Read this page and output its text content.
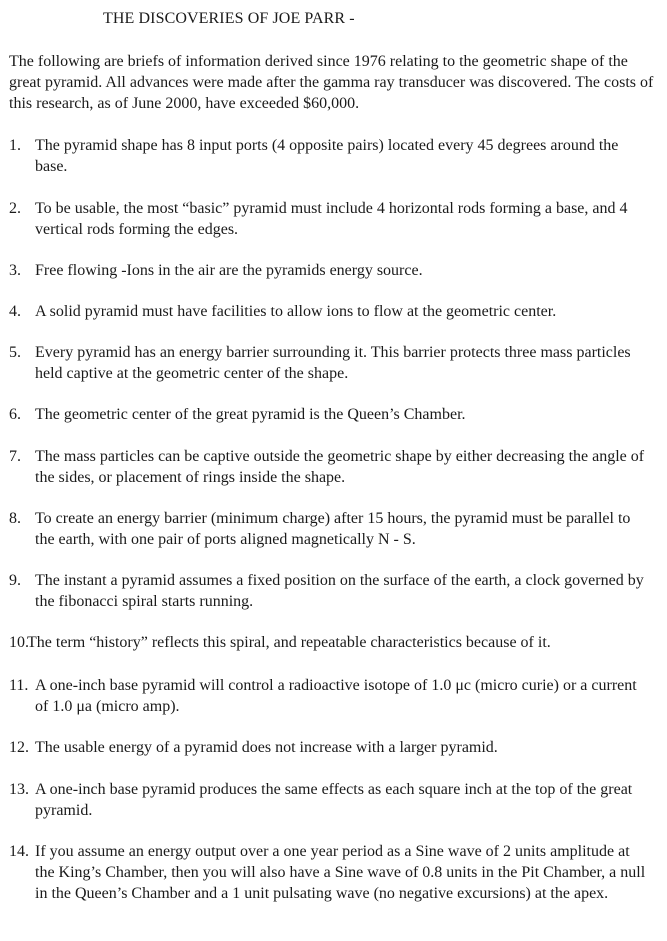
THE DISCOVERIES OF JOE PARR -
The following are briefs of information derived since 1976 relating to the geometric shape of the great pyramid. All advances were made after the gamma ray transducer was discovered. The costs of this research, as of June 2000, have exceeded $60,000.
1. The pyramid shape has 8 input ports (4 opposite pairs) located every 45 degrees around the base.
2. To be usable, the most “basic” pyramid must include 4 horizontal rods forming a base, and 4 vertical rods forming the edges.
3. Free flowing -Ions in the air are the pyramids energy source.
4. A solid pyramid must have facilities to allow ions to flow at the geometric center.
5. Every pyramid has an energy barrier surrounding it. This barrier protects three mass particles held captive at the geometric center of the shape.
6. The geometric center of the great pyramid is the Queen’s Chamber.
7. The mass particles can be captive outside the geometric shape by either decreasing the angle of the sides, or placement of rings inside the shape.
8. To create an energy barrier (minimum charge) after 15 hours, the pyramid must be parallel to the earth, with one pair of ports aligned magnetically N - S.
9. The instant a pyramid assumes a fixed position on the surface of the earth, a clock governed by the fibonacci spiral starts running.
10.
The term “history” reflects this spiral, and repeatable characteristics because of it.
11. A one-inch base pyramid will control a radioactive isotope of 1.0 μc (micro curie) or a current of 1.0 μa (micro amp).
12. The usable energy of a pyramid does not increase with a larger pyramid.
13. A one-inch base pyramid produces the same effects as each square inch at the top of the great pyramid.
14. If you assume an energy output over a one year period as a Sine wave of 2 units amplitude at the King’s Chamber, then you will also have a Sine wave of 0.8 units in the Pit Chamber, a null in the Queen’s Chamber and a 1 unit pulsating wave (no negative excursions) at the apex.
